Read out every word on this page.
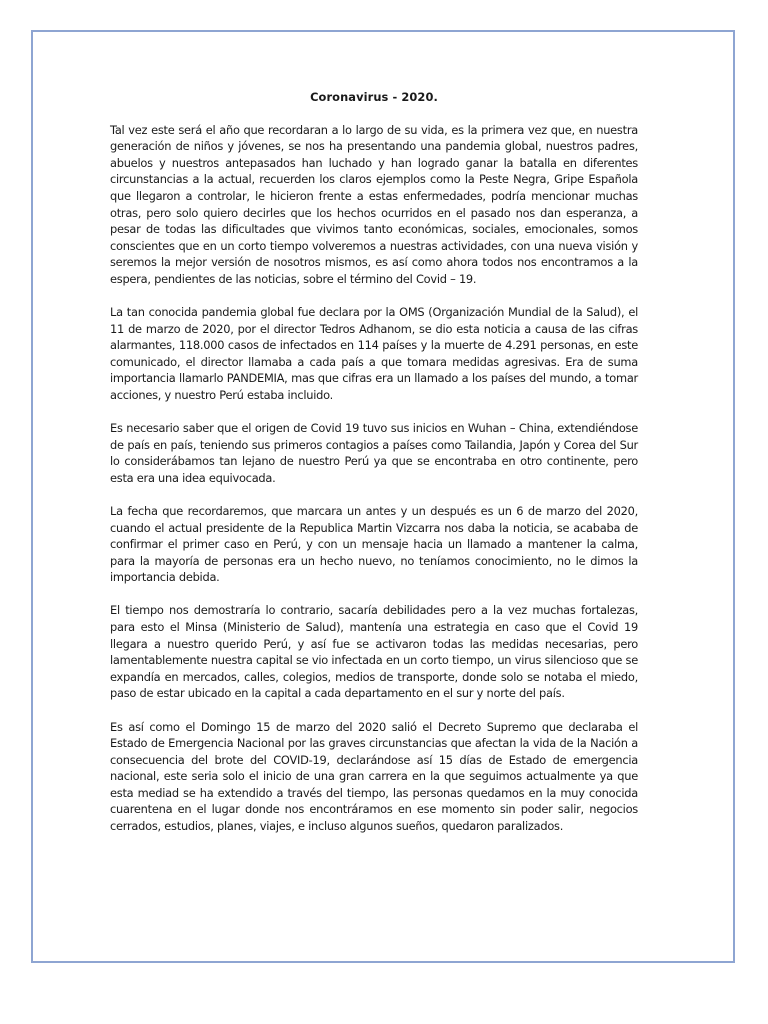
Coronavirus - 2020.

Tal vez este será el año que recordaran a lo largo de su vida, es la primera vez que, en nuestra generación de niños y jóvenes, se nos ha presentando una pandemia global, nuestros padres, abuelos y nuestros antepasados han luchado y han logrado ganar la batalla en diferentes circunstancias a la actual, recuerden los claros ejemplos como la Peste Negra, Gripe Española que llegaron a controlar, le hicieron frente a estas enfermedades, podría mencionar muchas otras, pero solo quiero decirles que los hechos ocurridos en el pasado nos dan esperanza, a pesar de todas las dificultades que vivimos tanto económicas, sociales, emocionales, somos conscientes que en un corto tiempo volveremos a nuestras actividades, con una nueva visión y seremos la mejor versión de nosotros mismos, es así como ahora todos nos encontramos a la espera, pendientes de las noticias, sobre el término del Covid – 19.

La tan conocida pandemia global fue declara por la OMS (Organización Mundial de la Salud), el 11 de marzo de 2020, por el director Tedros Adhanom, se dio esta noticia a causa de las cifras alarmantes, 118.000 casos de infectados en 114 países y la muerte de 4.291 personas, en este comunicado, el director llamaba a cada país a que tomara medidas agresivas. Era de suma importancia llamarlo PANDEMIA, mas que cifras era un llamado a los países del mundo, a tomar acciones, y nuestro Perú estaba incluido.

Es necesario saber que el origen de Covid 19 tuvo sus inicios en Wuhan – China, extendiéndose de país en país, teniendo sus primeros contagios a países como Tailandia, Japón y Corea del Sur lo considerábamos tan lejano de nuestro Perú ya que se encontraba en otro continente, pero esta era una idea equivocada.

La fecha que recordaremos, que marcara un antes y un después es un 6 de marzo del 2020, cuando el actual presidente de la Republica Martin Vizcarra nos daba la noticia, se acababa de confirmar el primer caso en Perú, y con un mensaje hacia un llamado a mantener la calma, para la mayoría de personas era un hecho nuevo, no teníamos conocimiento, no le dimos la importancia debida.

El tiempo nos demostraría lo contrario, sacaría debilidades pero a la vez muchas fortalezas, para esto el Minsa (Ministerio de Salud), mantenía una estrategia en caso que el Covid 19 llegara a nuestro querido Perú, y así fue se activaron todas las medidas necesarias, pero lamentablemente nuestra capital se vio infectada en un corto tiempo, un virus silencioso que se expandía en mercados, calles, colegios, medios de transporte, donde solo se notaba el miedo, paso de estar ubicado en la capital a cada departamento en el sur y norte del país.

Es así como el Domingo 15 de marzo del 2020 salió el Decreto Supremo que declaraba el Estado de Emergencia Nacional por las graves circunstancias que afectan la vida de la Nación a consecuencia del brote del COVID-19, declarándose así 15 días de Estado de emergencia nacional, este seria solo el inicio de una gran carrera en la que seguimos actualmente ya que esta mediad se ha extendido a través del tiempo, las personas quedamos en la muy conocida cuarentena en el lugar donde nos encontráramos en ese momento sin poder salir, negocios cerrados, estudios, planes, viajes, e incluso algunos sueños, quedaron paralizados.
